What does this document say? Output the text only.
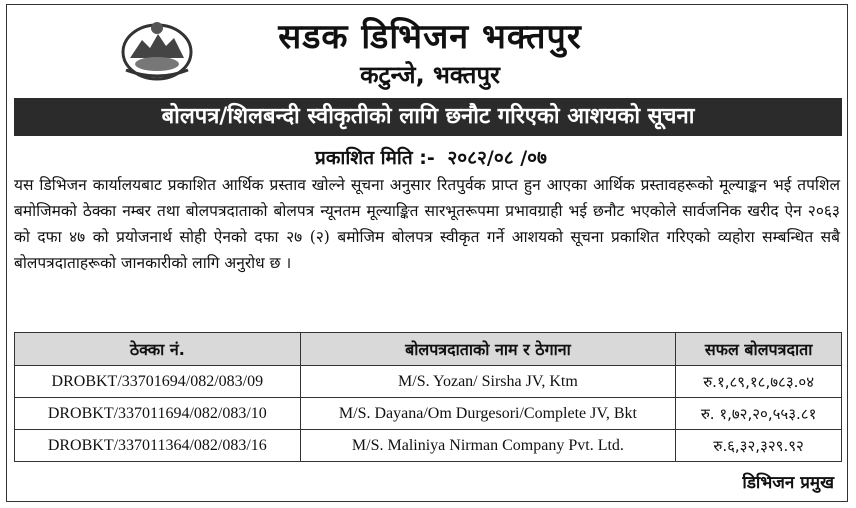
सडक डिभिजन भक्तपुर
कटुन्जे, भक्तपुर
बोलपत्र/शिलबन्दी स्वीकृतीको लागि छनौट गरिएको आशयको सूचना
प्रकाशित मिति :- २०८२/०८ /०७
यस डिभिजन कार्यालयबाट प्रकाशित आर्थिक प्रस्ताव खोल्ने सूचना अनुसार रितपुर्वक प्राप्त हुन आएका आर्थिक प्रस्तावहरूको मूल्याङ्कन भई तपशिल बमोजिमको ठेक्का नम्बर तथा बोलपत्रदाताको बोलपत्र न्यूनतम मूल्याङ्कित सारभूतरूपमा प्रभावग्राही भई छनौट भएकोले सार्वजनिक खरीद ऐन २०६३ को दफा ४७ को प्रयोजनार्थ सोही ऐनको दफा २७ (२) बमोजिम बोलपत्र स्वीकृत गर्ने आशयको सूचना प्रकाशित गरिएको व्यहोरा सम्बन्धित सबै बोलपत्रदाताहरूको जानकारीको लागि अनुरोध छ ।
ठेक्का नं.	बोलपत्रदाताको नाम र ठेगाना	सफल बोलपत्रदाता
DROBKT/33701694/082/083/09	M/S. Yozan/ Sirsha JV, Ktm	रु.१,८९,१८,७८३.०४
DROBKT/337011694/082/083/10	M/S. Dayana/Om Durgesori/Complete JV, Bkt	रु. १,७२,२०,५५३.८१
DROBKT/337011364/082/083/16	M/S. Maliniya Nirman Company Pvt. Ltd.	रु.६,३२,३२९.९२
डिभिजन प्रमुख
